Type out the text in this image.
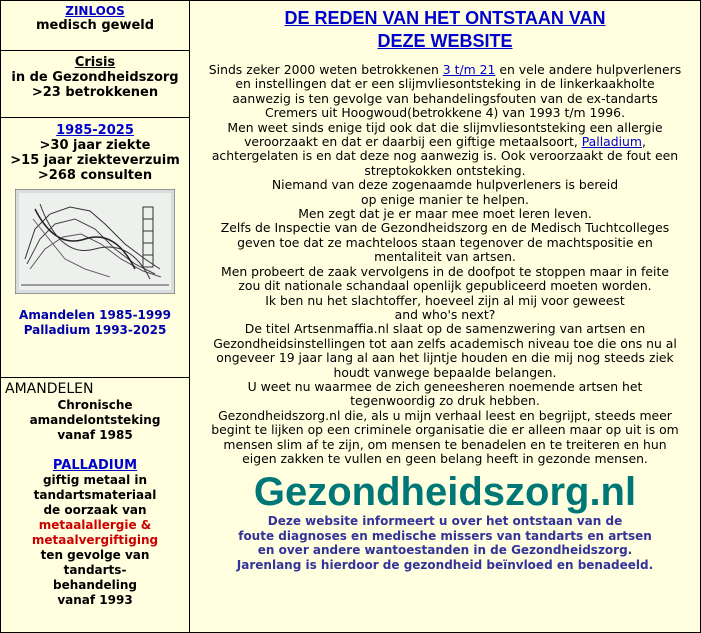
ZINLOOS
medisch geweld
Crisis
in de Gezondheidszorg
>23 betrokkenen
1985-2025
>30 jaar ziekte
>15 jaar ziekteverzuim
>268 consulten
Amandelen 1985-1999
Palladium 1993-2025
AMANDELEN
Chronische
amandelontsteking
vanaf 1985
PALLADIUM
giftig metaal in
tandartsmateriaal
de oorzaak van
metaalallergie &
metaalvergiftiging
ten gevolge van
tandarts-
behandeling
vanaf 1993
DE REDEN VAN HET ONTSTAAN VAN
DEZE WEBSITE
Sinds zeker 2000 weten betrokkenen 3 t/m 21 en vele andere hulpverleners
en instellingen dat er een slijmvliesontsteking in de linkerkaakholte
aanwezig is ten gevolge van behandelingsfouten van de ex-tandarts
Cremers uit Hoogwoud(betrokkene 4) van 1993 t/m 1996.
Men weet sinds enige tijd ook dat die slijmvliesontsteking een allergie
veroorzaakt en dat er daarbij een giftige metaalsoort, Palladium,
achtergelaten is en dat deze nog aanwezig is. Ook veroorzaakt de fout een
streptokokken ontsteking.
Niemand van deze zogenaamde hulpverleners is bereid
op enige manier te helpen.
Men zegt dat je er maar mee moet leren leven.
Zelfs de Inspectie van de Gezondheidszorg en de Medisch Tuchtcolleges
geven toe dat ze machteloos staan tegenover de machtspositie en
mentaliteit van artsen.
Men probeert de zaak vervolgens in de doofpot te stoppen maar in feite
zou dit nationale schandaal openlijk gepubliceerd moeten worden.
Ik ben nu het slachtoffer, hoeveel zijn al mij voor geweest
and who's next?
De titel Artsenmaffia.nl slaat op de samenzwering van artsen en
Gezondheidsinstellingen tot aan zelfs academisch niveau toe die ons nu al
ongeveer 19 jaar lang al aan het lijntje houden en die mij nog steeds ziek
houdt vanwege bepaalde belangen.
U weet nu waarmee de zich geneesheren noemende artsen het
tegenwoordig zo druk hebben.
Gezondheidszorg.nl die, als u mijn verhaal leest en begrijpt, steeds meer
begint te lijken op een criminele organisatie die er alleen maar op uit is om
mensen slim af te zijn, om mensen te benadelen en te treiteren en hun
eigen zakken te vullen en geen belang heeft in gezonde mensen.
Gezondheidszorg.nl
Deze website informeert u over het ontstaan van de
foute diagnoses en medische missers van tandarts en artsen
en over andere wantoestanden in de Gezondheidszorg.
Jarenlang is hierdoor de gezondheid beïnvloed en benadeeld.
